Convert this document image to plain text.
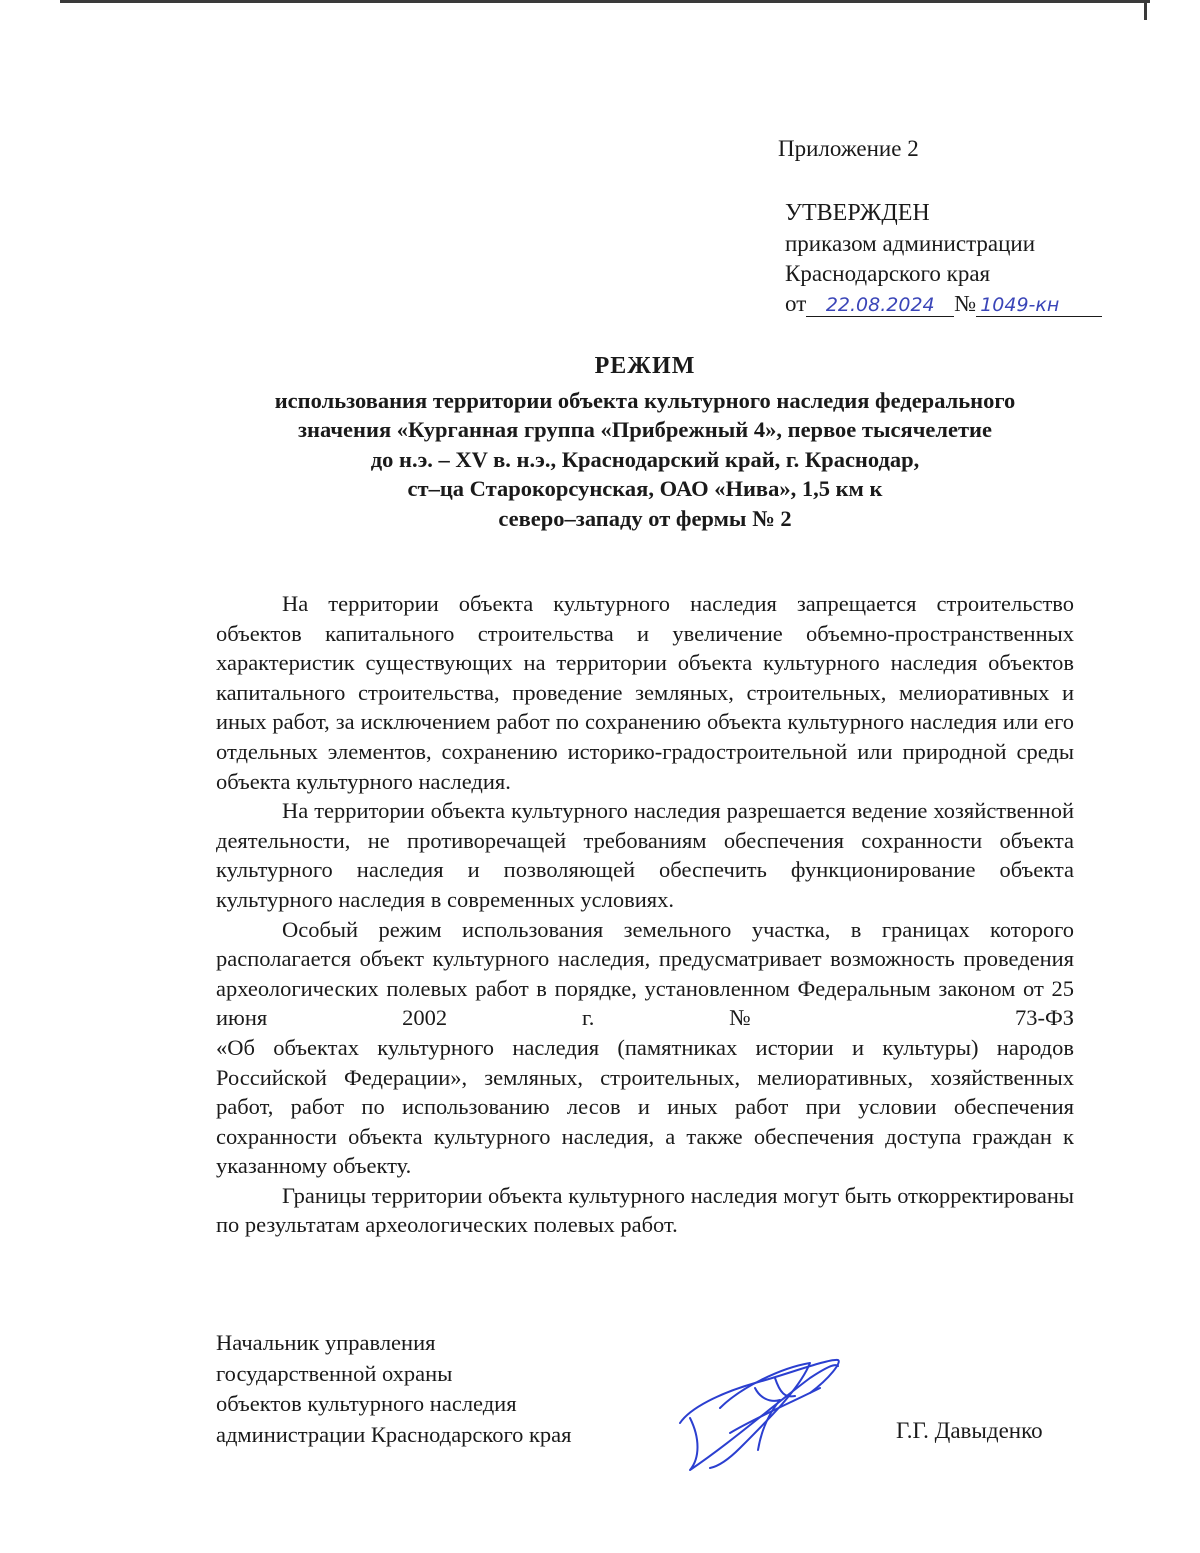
Приложение 2
УТВЕРЖДЕН
приказом администрации
Краснодарского края
от 22.08.2024 № 1049-кн
РЕЖИМ
использования территории объекта культурного наследия федерального
значения «Курганная группа «Прибрежный 4», первое тысячелетие
до н.э. – XV в. н.э., Краснодарский край, г. Краснодар,
ст–ца Старокорсунская, ОАО «Нива», 1,5 км к
северо–западу от фермы № 2

На территории объекта культурного наследия запрещается строительство объектов капитального строительства и увеличение объемно-пространственных характеристик существующих на территории объекта культурного наследия объектов капитального строительства, проведение земляных, строительных, мелиоративных и иных работ, за исключением работ по сохранению объекта культурного наследия или его отдельных элементов, сохранению историко-градостроительной или природной среды объекта культурного наследия.

На территории объекта культурного наследия разрешается ведение хозяйственной деятельности, не противоречащей требованиям обеспечения сохранности объекта культурного наследия и позволяющей обеспечить функционирование объекта культурного наследия в современных условиях.

Особый режим использования земельного участка, в границах которого располагается объект культурного наследия, предусматривает возможность проведения археологических полевых работ в порядке, установленном Федеральным законом от 25 июня 2002 г. № 73-ФЗ

«Об объектах культурного наследия (памятниках истории и культуры) народов Российской Федерации», земляных, строительных, мелиоративных, хозяйственных работ, работ по использованию лесов и иных работ при условии обеспечения сохранности объекта культурного наследия, а также обеспечения доступа граждан к указанному объекту.

Границы территории объекта культурного наследия могут быть откорректированы по результатам археологических полевых работ.

Начальник управления
государственной охраны
объектов культурного наследия
администрации Краснодарского края	Г.Г. Давыденко
